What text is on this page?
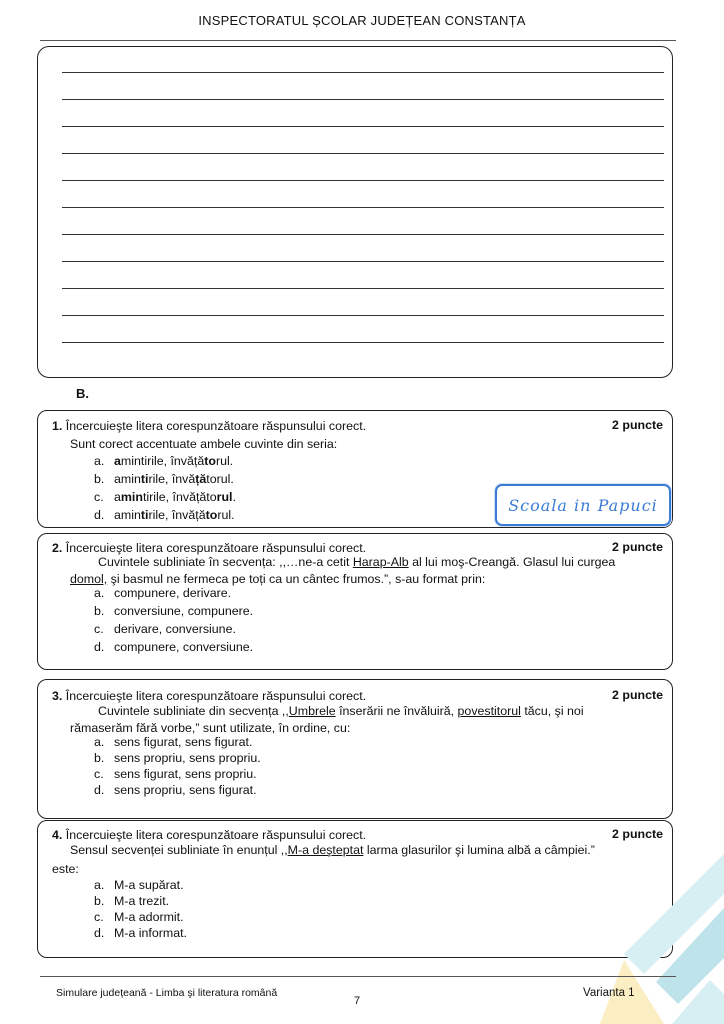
INSPECTORATUL ȘCOLAR JUDEȚEAN CONSTANȚA
B.
1. Încercuieşte litera corespunzătoare răspunsului corect.	2 puncte
Sunt corect accentuate ambele cuvinte din seria:
a. amintirile, învățătorul.
b. amintirile, învățătorul.
c. amintirile, învățătorul.
d. amintirile, învățătorul.
Scoala in Papuci
2. Încercuieşte litera corespunzătoare răspunsului corect.	2 puncte
Cuvintele subliniate în secvența: ,,…ne-a cetit Harap-Alb al lui moş-Creangă. Glasul lui curgea
domol, şi basmul ne fermeca pe toți ca un cântec frumos.”, s-au format prin:
a. compunere, derivare.
b. conversiune, compunere.
c. derivare, conversiune.
d. compunere, conversiune.
3. Încercuieşte litera corespunzătoare răspunsului corect.	2 puncte
Cuvintele subliniate din secvența ,,Umbrele înserării ne învăluiră, povestitorul tăcu, şi noi
rămaserăm fără vorbe,” sunt utilizate, în ordine, cu:
a. sens figurat, sens figurat.
b. sens propriu, sens propriu.
c. sens figurat, sens propriu.
d. sens propriu, sens figurat.
4. Încercuieşte litera corespunzătoare răspunsului corect.	2 puncte
Sensul secvenței subliniate în enunțul ,,M-a deşteptat larma glasurilor şi lumina albă a câmpiei.”
este:
a. M-a supărat.
b. M-a trezit.
c. M-a adormit.
d. M-a informat.
Simulare județeană - Limba şi literatura română
7
Varianta 1
